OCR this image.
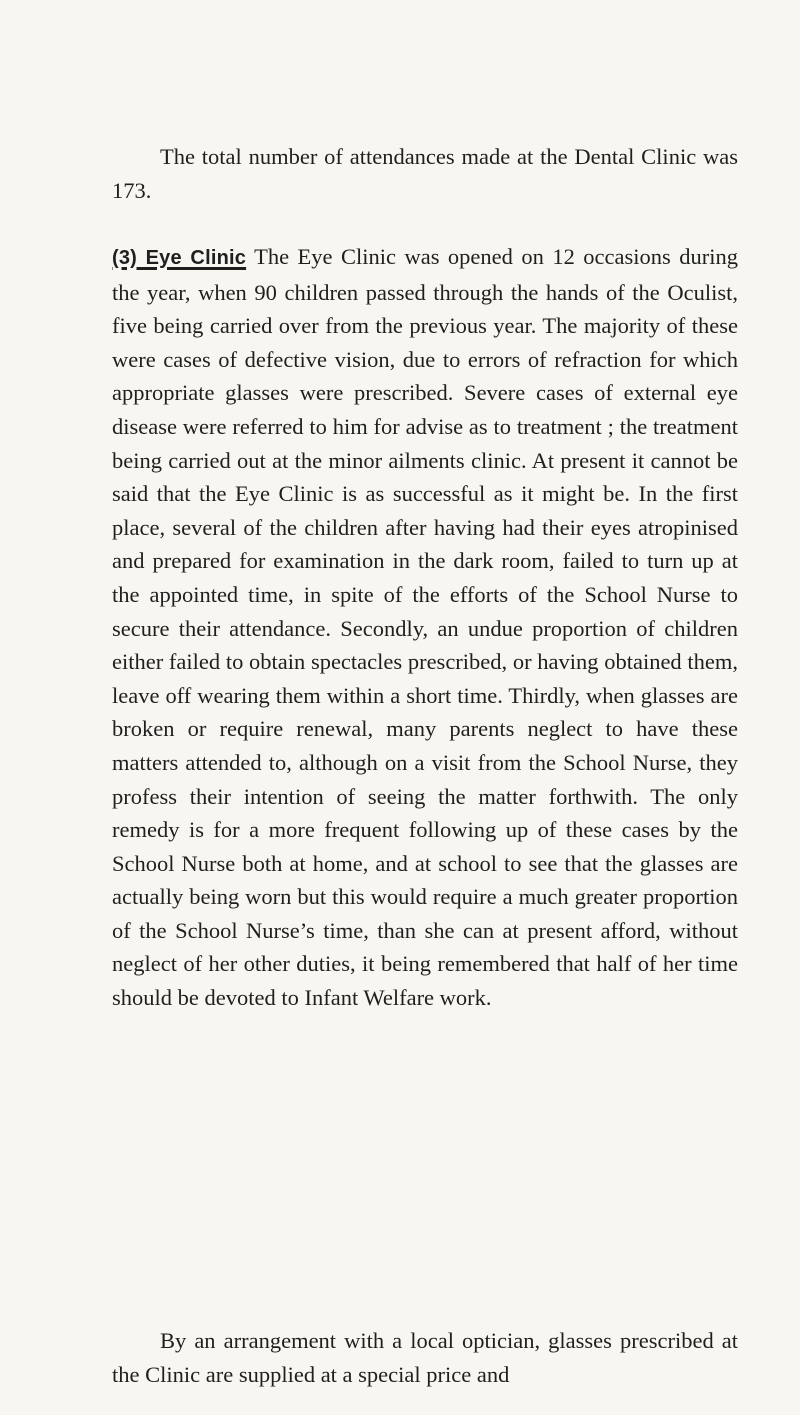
The total number of attendances made at the Dental Clinic was 173.

(3) Eye Clinic The Eye Clinic was opened on 12 occasions during the year, when 90 children passed through the hands of the Oculist, five being carried over from the previous year. The majority of these were cases of defective vision, due to errors of refraction for which appropriate glasses were prescribed. Severe cases of external eye disease were referred to him for advise as to treatment ; the treatment being carried out at the minor ailments clinic. At present it cannot be said that the Eye Clinic is as successful as it might be. In the first place, several of the children after having had their eyes atropinised and prepared for examination in the dark room, failed to turn up at the appointed time, in spite of the efforts of the School Nurse to secure their attendance. Secondly, an undue proportion of children either failed to obtain spectacles prescribed, or having obtained them, leave off wearing them within a short time. Thirdly, when glasses are broken or require renewal, many parents neglect to have these matters attended to, although on a visit from the School Nurse, they profess their intention of seeing the matter forthwith. The only remedy is for a more frequent following up of these cases by the School Nurse both at home, and at school to see that the glasses are actually being worn but this would require a much greater proportion of the School Nurse’s time, than she can at present afford, without neglect of her other duties, it being remembered that half of her time should be devoted to Infant Welfare work.

By an arrangement with a local optician, glasses prescribed at the Clinic are supplied at a special price and
